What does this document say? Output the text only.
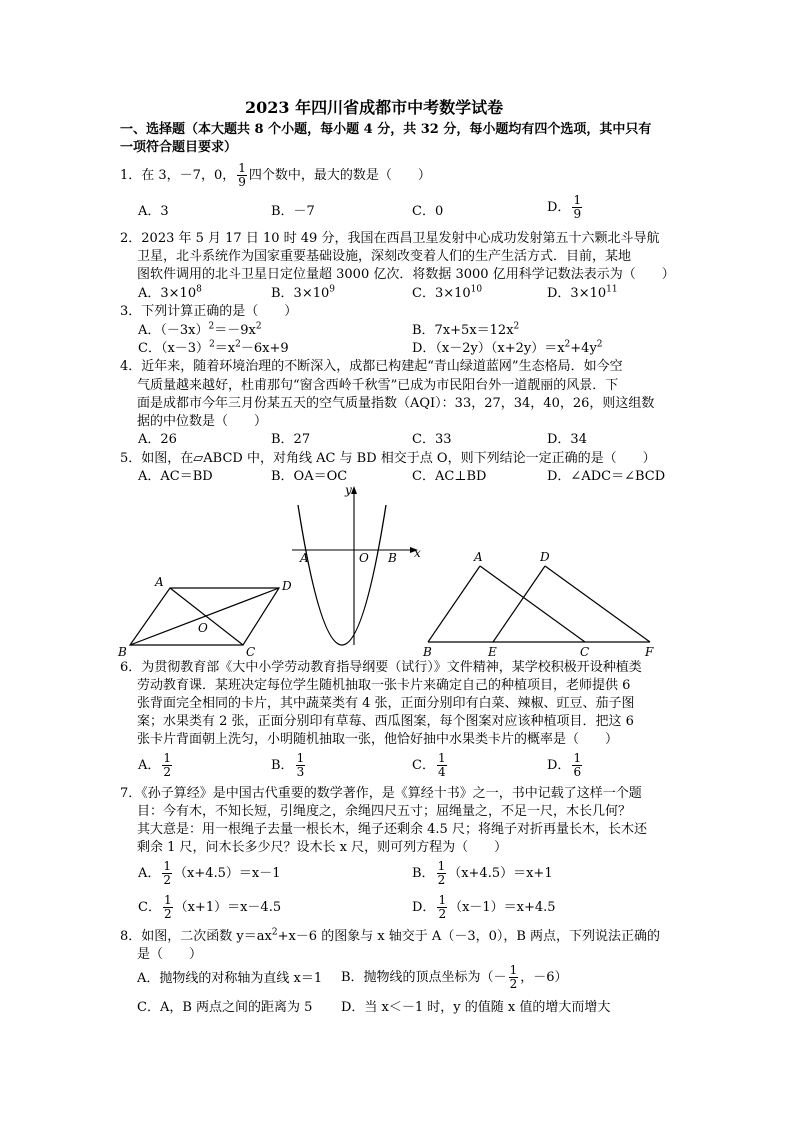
2023 年四川省成都市中考数学试卷
一、选择题（本大题共 8 个小题，每小题 4 分，共 32 分，每小题均有四个选项，其中只有
一项符合题目要求）
1．在 3，－7，0， $\frac{1}{9}$ 四个数中，最大的数是（　　）
A．3	B．－7	C．0	D． $\frac{1}{9}$
2．2023 年 5 月 17 日 10 时 49 分，我国在西昌卫星发射中心成功发射第五十六颗北斗导航
卫星，北斗系统作为国家重要基础设施，深刻改变着人们的生产生活方式．目前，某地
图软件调用的北斗卫星日定位量超 3000 亿次．将数据 3000 亿用科学记数法表示为（　　）
A．$3\times 10^8$	B．$3\times 10^9$	C．$3\times 10^{10}$	D．$3\times 10^{11}$
3．下列计算正确的是（　　）
A．$(-3x)^2=-9x^2$	B．$7x+5x=12x^2$
C．$(x-3)^2=x^2-6x+9$	D．$(x-2y)(x+2y)=x^2+4y^2$
4．近年来，随着环境治理的不断深入，成都已构建起“青山绿道蓝网”生态格局．如今空
气质量越来越好，杜甫那句“窗含西岭千秋雪”已成为市民阳台外一道靓丽的风景．下
面是成都市今年三月份某五天的空气质量指数（AQI）：33，27，34，40，26，则这组数
据的中位数是（　　）
A．26	B．27	C．33	D．34
5．如图，在▱ABCD 中，对角线 AC 与 BD 相交于点 O，则下列结论一定正确的是（　　）
A．AC＝BD	B．OA＝OC	C．AC⊥BD	D．∠ADC＝∠BCD
A	D
B	C
O
y
x
A	O B	A	D
B	E	C	F
6．为贯彻教育部《大中小学劳动教育指导纲要（试行）》文件精神，某学校积极开设种植类
劳动教育课．某班决定每位学生随机抽取一张卡片来确定自己的种植项目，老师提供 6
张背面完全相同的卡片，其中蔬菜类有 4 张，正面分别印有白菜、辣椒、豇豆、茄子图
案；水果类有 2 张，正面分别印有草莓、西瓜图案，每个图案对应该种植项目．把这 6
张卡片背面朝上洗匀，小明随机抽取一张，他恰好抽中水果类卡片的概率是（　　）
A． $\frac{1}{2}$	B． $\frac{1}{3}$	C． $\frac{1}{4}$	D． $\frac{1}{6}$
7．《孙子算经》是中国古代重要的数学著作，是《算经十书》之一，书中记载了这样一个题
目：今有木，不知长短，引绳度之，余绳四尺五寸；屈绳量之，不足一尺，木长几何？
其大意是：用一根绳子去量一根长木，绳子还剩余 4.5 尺；将绳子对折再量长木，长木还
剩余 1 尺，问木长多少尺？设木长 x 尺，则可列方程为（　　）
A． $\frac{1}{2} (x+4.5)=x-1$	B． $\frac{1}{2} (x+4.5)=x+1$
C． $\frac{1}{2} (x+1)=x-4.5$	D． $\frac{1}{2} (x-1)=x+4.5$
8．如图，二次函数 $y=ax^2+x-6$ 的图象与 x 轴交于 A（－3，0），B 两点，下列说法正确的
是（　　）
A．抛物线的对称轴为直线 x＝1 B．抛物线的顶点坐标为（－ $\frac{1}{2}$ ，－6）
C．A，B 两点之间的距离为 5 D．当 x＜－1 时，y 的值随 x 值的增大而增大
